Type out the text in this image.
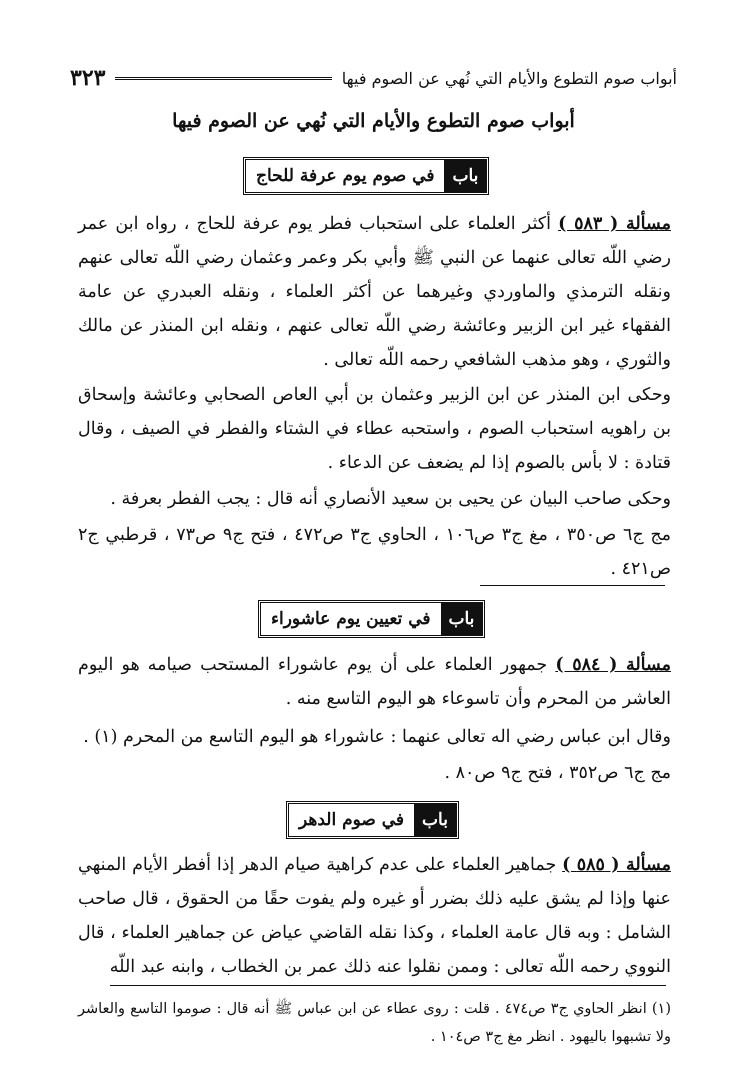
أبواب صوم التطوع والأيام التي نُهي عن الصوم فيها
٣٢٣
أبواب صوم التطوع والأيام التي نُهي عن الصوم فيها
باب
في صوم يوم عرفة للحاج

مسألة ( ٥٨٣ ) أكثر العلماء على استحباب فطر يوم عرفة للحاج ، رواه ابن عمر رضي اللّه تعالى عنهما عن النبي ﷺ وأبي بكر وعمر وعثمان رضي اللّه تعالى عنهم ونقله الترمذي والماوردي وغيرهما عن أكثر العلماء ، ونقله العبدري عن عامة الفقهاء غير ابن الزبير وعائشة رضي اللّه تعالى عنهم ، ونقله ابن المنذر عن مالك والثوري ، وهو مذهب الشافعي رحمه اللّه تعالى .

وحكى ابن المنذر عن ابن الزبير وعثمان بن أبي العاص الصحابي وعائشة وإسحاق بن راهويه استحباب الصوم ، واستحبه عطاء في الشتاء والفطر في الصيف ، وقال قتادة : لا بأس بالصوم إذا لم يضعف عن الدعاء .

وحكى صاحب البيان عن يحيى بن سعيد الأنصاري أنه قال : يجب الفطر بعرفة .

مج ج٦ ص٣٥٠ ، مغ ج٣ ص١٠٦ ، الحاوي ج٣ ص٤٧٢ ، فتح ج٩ ص٧٣ ، قرطبي ج٢ ص٤٢١ .

باب
في تعيين يوم عاشوراء

مسألة ( ٥٨٤ ) جمهور العلماء على أن يوم عاشوراء المستحب صيامه هو اليوم العاشر من المحرم وأن تاسوعاء هو اليوم التاسع منه .

وقال ابن عباس رضي اله تعالى عنهما : عاشوراء هو اليوم التاسع من المحرم (١) .

مج ج٦ ص٣٥٢ ، فتح ج٩ ص٨٠ .

باب
في صوم الدهر

مسألة ( ٥٨٥ ) جماهير العلماء على عدم كراهية صيام الدهر إذا أفطر الأيام المنهي عنها وإذا لم يشق عليه ذلك بضرر أو غيره ولم يفوت حقًا من الحقوق ، قال صاحب الشامل : وبه قال عامة العلماء ، وكذا نقله القاضي عياض عن جماهير العلماء ، قال النووي رحمه اللّه تعالى : وممن نقلوا عنه ذلك عمر بن الخطاب ، وابنه عبد اللّه

(١) انظر الحاوي ج٣ ص٤٧٤ . قلت : روى عطاء عن ابن عباس ﷺ أنه قال : صوموا التاسع والعاشر ولا تشبهوا باليهود . انظر مغ ج٣ ص١٠٤ .
